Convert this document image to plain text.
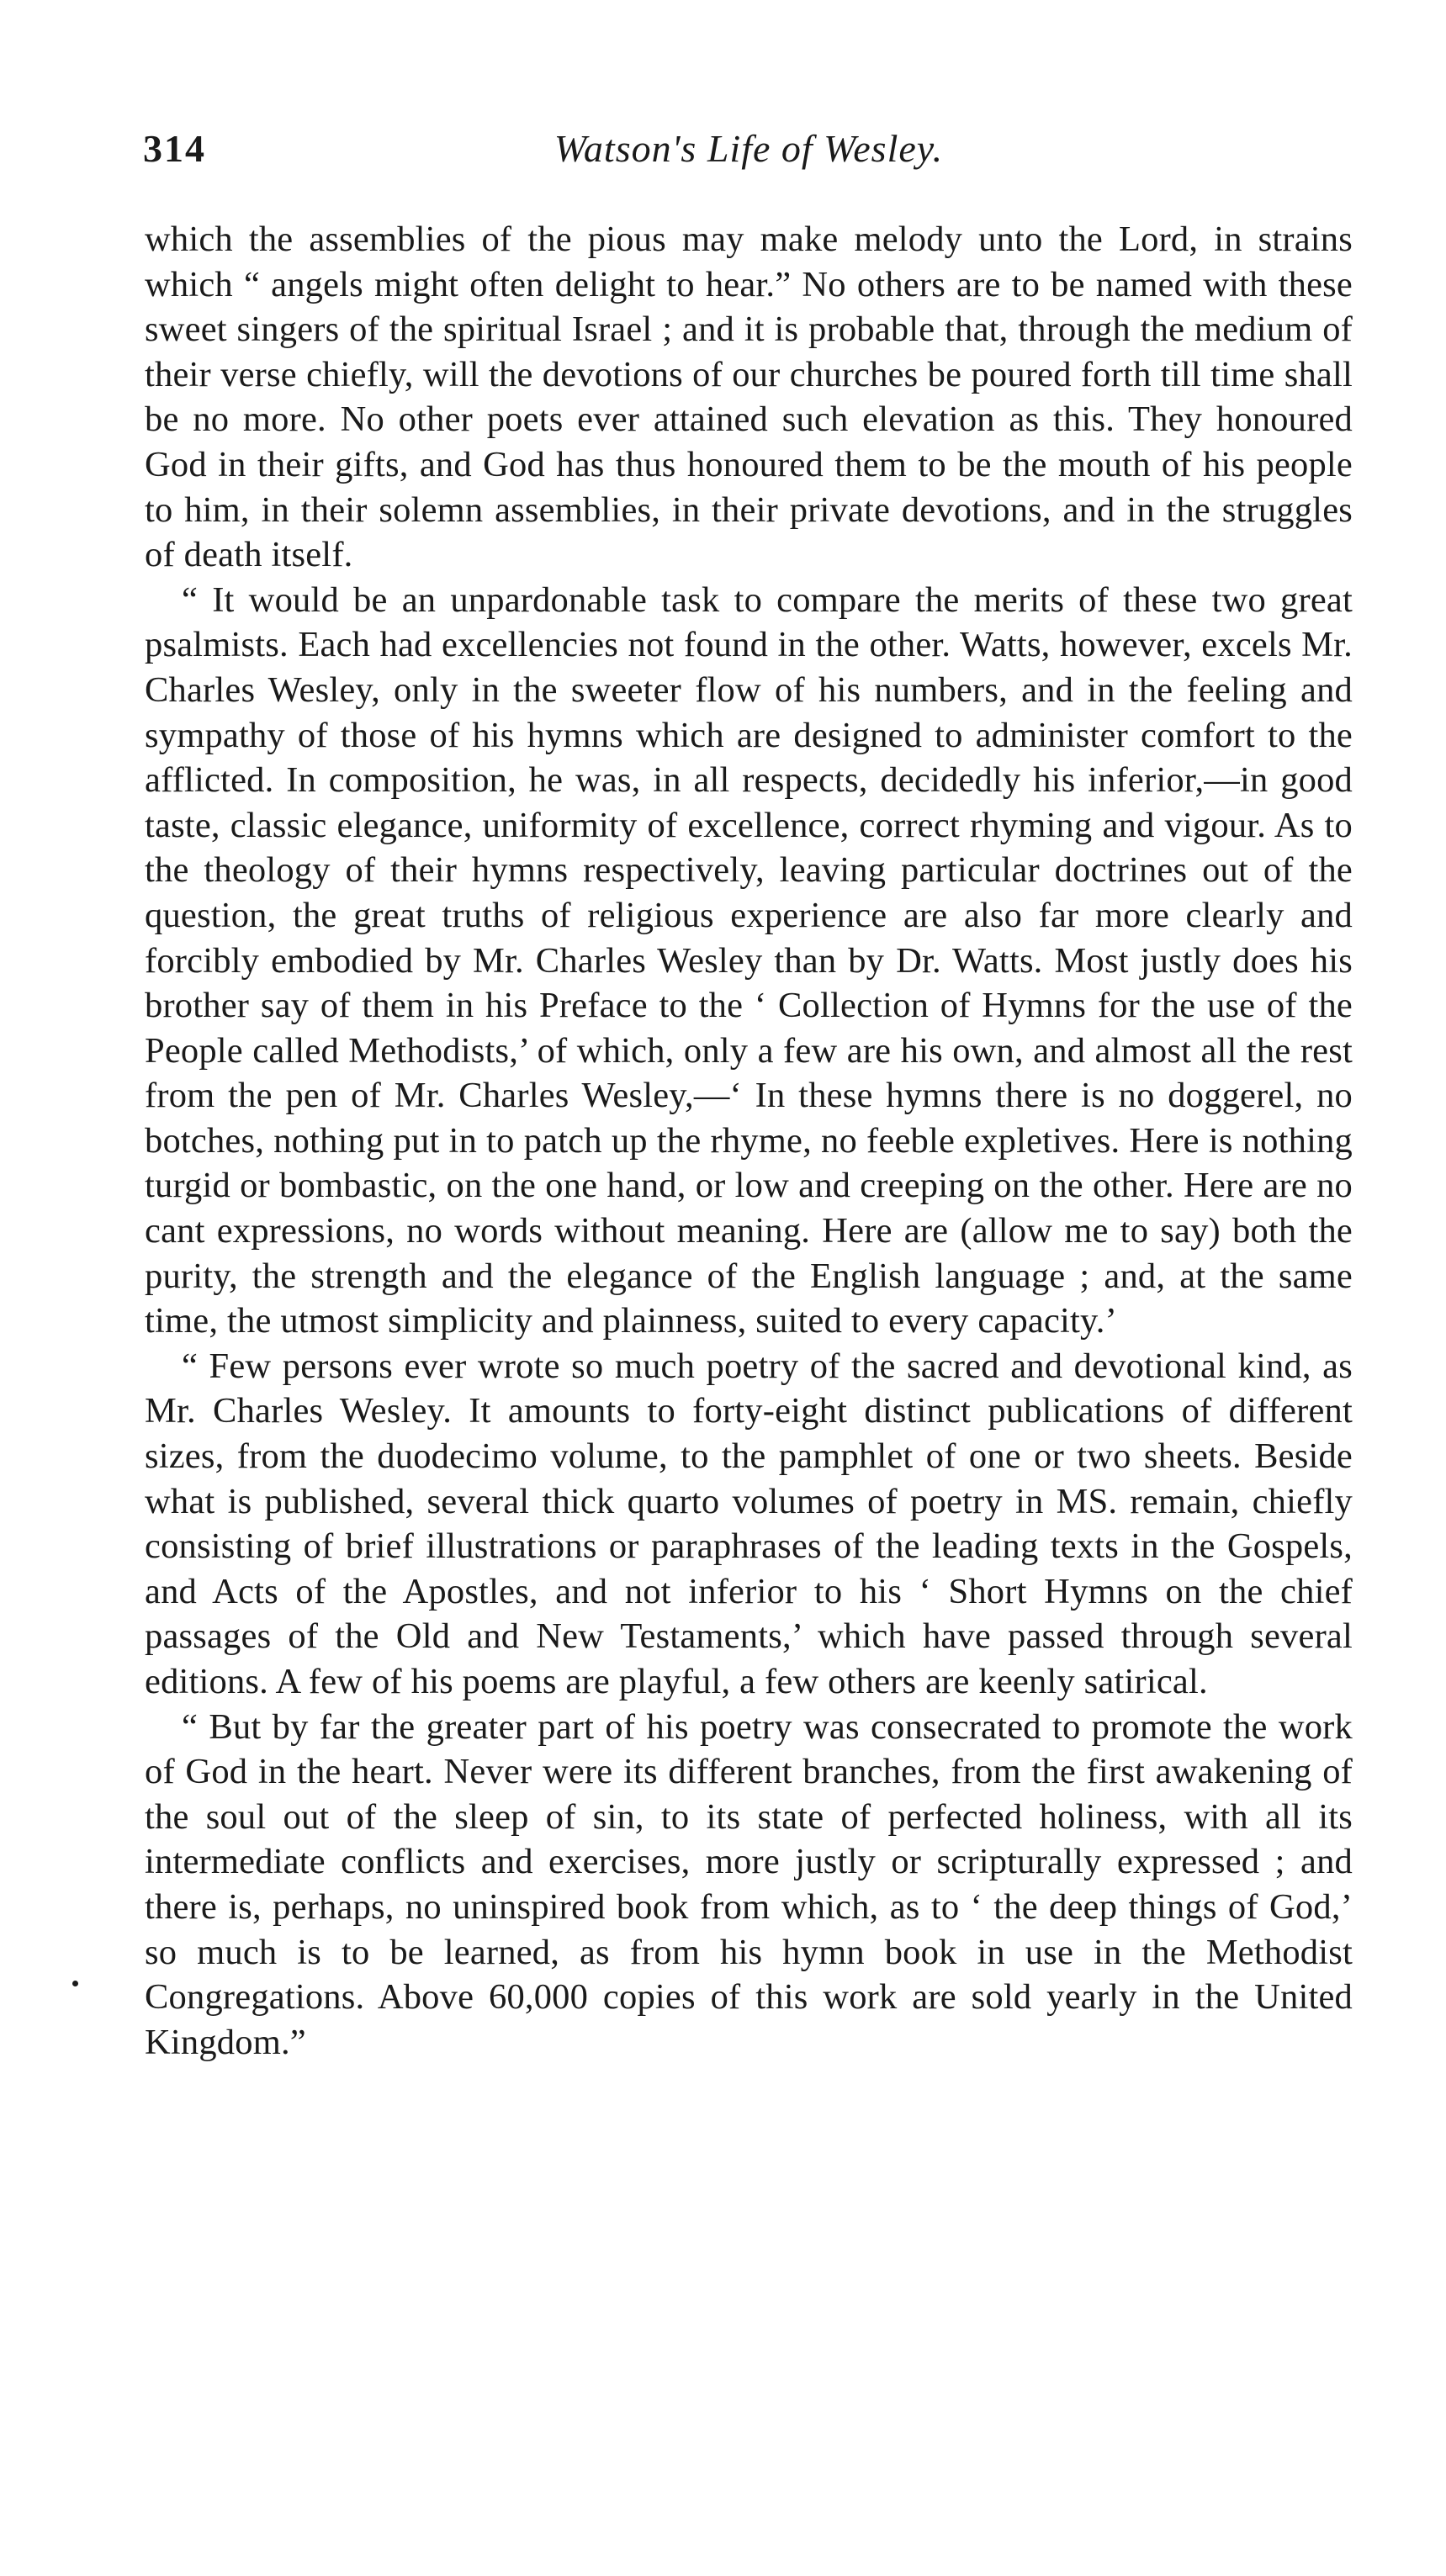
314	Watson's Life of Wesley.

which the assemblies of the pious may make melody unto the Lord, in strains which “ angels might often delight to hear.” No others are to be named with these sweet singers of the spiritual Israel ; and it is probable that, through the medium of their verse chiefly, will the devotions of our churches be poured forth till time shall be no more. No other poets ever attained such elevation as this. They honoured God in their gifts, and God has thus honoured them to be the mouth of his people to him, in their solemn assemblies, in their private devotions, and in the struggles of death itself.

“ It would be an unpardonable task to compare the merits of these two great psalmists. Each had excellencies not found in the other. Watts, however, excels Mr. Charles Wesley, only in the sweeter flow of his numbers, and in the feeling and sympathy of those of his hymns which are designed to administer comfort to the afflicted. In composition, he was, in all respects, decidedly his inferior,—in good taste, classic elegance, uniformity of excellence, correct rhyming and vigour. As to the theology of their hymns respectively, leaving particular doctrines out of the question, the great truths of religious experience are also far more clearly and forcibly embodied by Mr. Charles Wesley than by Dr. Watts. Most justly does his brother say of them in his Preface to the ‘ Collection of Hymns for the use of the People called Methodists,’ of which, only a few are his own, and almost all the rest from the pen of Mr. Charles Wesley,—‘ In these hymns there is no doggerel, no botches, nothing put in to patch up the rhyme, no feeble expletives. Here is nothing turgid or bombastic, on the one hand, or low and creeping on the other. Here are no cant expressions, no words without meaning. Here are (allow me to say) both the purity, the strength and the elegance of the English language ; and, at the same time, the utmost simplicity and plainness, suited to every capacity.’

“ Few persons ever wrote so much poetry of the sacred and devotional kind, as Mr. Charles Wesley. It amounts to forty-eight distinct publications of different sizes, from the duodecimo volume, to the pamphlet of one or two sheets. Beside what is published, several thick quarto volumes of poetry in MS. remain, chiefly consisting of brief illustrations or paraphrases of the leading texts in the Gospels, and Acts of the Apostles, and not inferior to his ‘ Short Hymns on the chief passages of the Old and New Testaments,’ which have passed through several editions. A few of his poems are playful, a few others are keenly satirical.

“ But by far the greater part of his poetry was consecrated to promote the work of God in the heart. Never were its different branches, from the first awakening of the soul out of the sleep of sin, to its state of perfected holiness, with all its intermediate conflicts and exercises, more justly or scripturally expressed ; and there is, perhaps, no uninspired book from which, as to ‘ the deep things of God,’ so much is to be learned, as from his hymn book in use in the Methodist Congregations. Above 60,000 copies of this work are sold yearly in the United Kingdom.”
